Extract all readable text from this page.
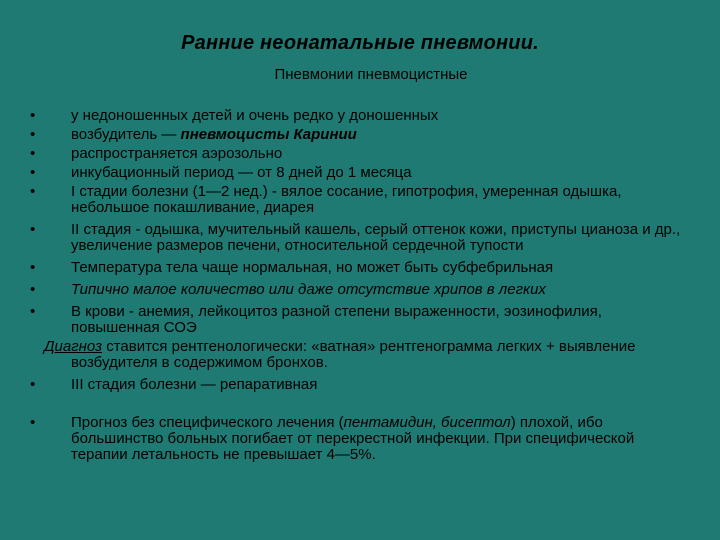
Ранние неонатальные пневмонии.
Пневмонии пневмоцистные
• у недоношенных детей и очень редко у доношенных
• возбудитель — пневмоцисты Каринии
• распространяется аэрозольно
• инкубационный период — от 8 дней до 1 месяца
• I стадии болезни (1—2 нед.) - вялое сосание, гипотрофия, умеренная одышка, небольшое покашливание, диарея
• II стадия - одышка, мучительный кашель, серый оттенок кожи, приступы цианоза и др., увеличение размеров печени, относительной сердечной тупости
• Температура тела чаще нормальная, но может быть субфебрильная
• Типично малое количество или даже отсутствие хрипов в легких
• В крови - анемия, лейкоцитоз разной степени выраженности, эозинофилия, повышенная СОЭ
Диагноз ставится рентгенологически: «ватная» рентгенограмма легких + выявление возбудителя в содержимом бронхов.
• III стадия болезни — репаративная
• Прогноз без специфического лечения (пентамидин, бисептол) плохой, ибо большинство больных погибает от перекрестной инфекции. При специфической терапии летальность не превышает 4—5%.
